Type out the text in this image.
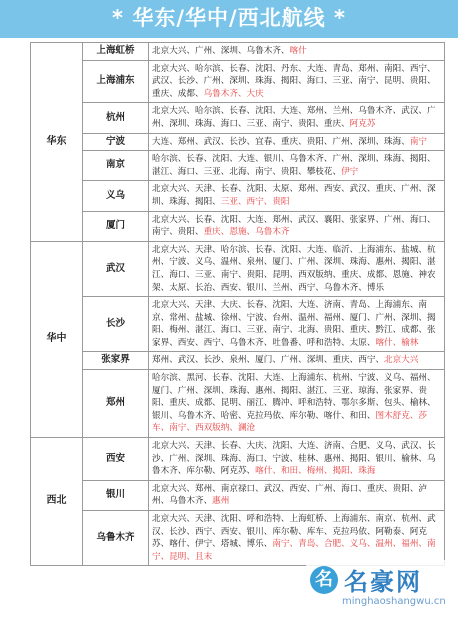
* 华东/华中/西北航线 *
华东	上海虹桥	北京大兴、广州、深圳、乌鲁木齐、喀什
	上海浦东	北京大兴、哈尔滨、长春、沈阳、丹东、大连、青岛、郑州、南阳、西宁、武汉、长沙、广州、深圳、珠海、揭阳、海口、三亚、南宁、昆明、贵阳、重庆、成都、乌鲁木齐、大庆
	杭州	北京大兴、哈尔滨、长春、沈阳、大连、郑州、兰州、乌鲁木齐、武汉、广州、深圳、珠海、海口、三亚、南宁、贵阳、重庆、阿克苏
	宁波	大连、郑州、武汉、长沙、宜春、重庆、贵阳、广州、深圳、珠海、南宁
	南京	哈尔滨、长春、沈阳、大连、银川、乌鲁木齐、广州、深圳、珠海、揭阳、湛江、海口、三亚、北海、南宁、贵阳、攀枝花、伊宁
	义乌	北京大兴、天津、长春、沈阳、太原、郑州、西安、武汉、重庆、广州、深圳、珠海、揭阳、三亚、西宁、贵阳
	厦门	北京大兴、长春、沈阳、大连、郑州、武汉、襄阳、张家界、广州、海口、南宁、贵阳、重庆、恩施、乌鲁木齐
华中	武汉	北京大兴、天津、哈尔滨、长春、沈阳、大连、临沂、上海浦东、盐城、杭州、宁波、义乌、温州、泉州、厦门、广州、深圳、珠海、惠州、揭阳、湛江、海口、三亚、南宁、贵阳、昆明、西双版纳、重庆、成都、恩施、神农架、太原、长治、西安、银川、兰州、西宁、乌鲁木齐、博乐
	长沙	北京大兴、天津、大庆、长春、沈阳、大连、济南、青岛、上海浦东、南京、常州、盐城、徐州、宁波、台州、温州、福州、厦门、广州、深圳、揭阳、梅州、湛江、海口、三亚、南宁、北海、贵阳、重庆、黔江、成都、张家界、西安、西宁、乌鲁木齐、吐鲁番、呼和浩特、太原、喀什、榆林
	张家界	郑州、武汉、长沙、泉州、厦门、广州、深圳、重庆、西宁、北京大兴
	郑州	哈尔滨、黑河、长春、沈阳、大连、上海浦东、杭州、宁波、义乌、福州、厦门、广州、深圳、珠海、惠州、揭阳、湛江、三亚、琼海、张家界、贵阳、重庆、成都、昆明、丽江、腾冲、呼和浩特、鄂尔多斯、包头、榆林、银川、乌鲁木齐、哈密、克拉玛依、库尔勒、喀什、和田、图木舒克、莎车、南宁、西双版纳、澜沧
西北	西安	北京大兴、天津、长春、大庆、沈阳、大连、济南、合肥、义乌、武汉、长沙、广州、深圳、珠海、海口、宁波、桂林、惠州、揭阳、银川、榆林、乌鲁木齐、库尔勒、阿克苏、喀什、和田、梅州、揭阳、珠海
	银川	北京大兴、郑州、南京禄口、武汉、西安、广州、海口、重庆、贵阳、泸州、乌鲁木齐、惠州
	乌鲁木齐	北京大兴、天津、沈阳、呼和浩特、上海虹桥、上海浦东、南京、杭州、武汉、长沙、西宁、西安、银川、库尔勒、库车、克拉玛依、阿勒泰、阿克苏、喀什、伊宁、塔城、博乐、南宁、青岛、合肥、义乌、温州、福州、南宁、昆明、且末
名 名豪网
minghaoshangwu.cn
